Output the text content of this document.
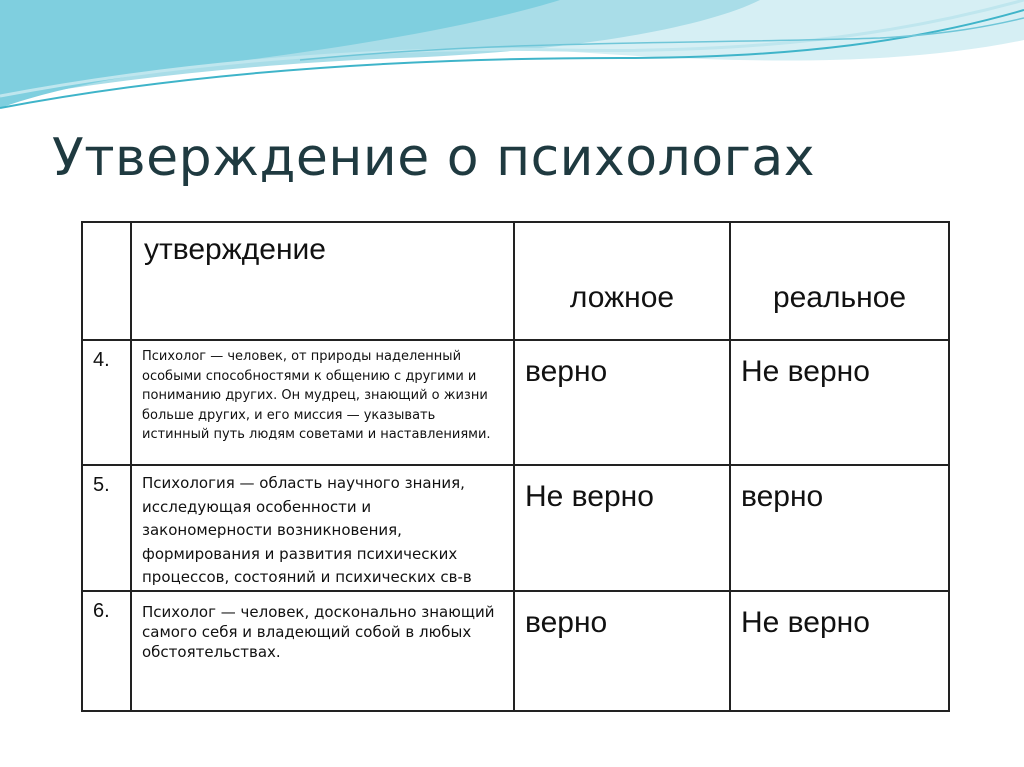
Утверждение о психологах
	утверждение	ложное	реальное
4.	Психолог — человек, от природы наделенный особыми способностями к общению с другими и пониманию других. Он мудрец, знающий о жизни больше других, и его миссия — указывать истинный путь людям советами и наставлениями.	верно	Не верно
5.	Психология — область научного знания, исследующая особенности и закономерности возникновения, формирования и развития психических процессов, состояний и психических св-в	Не верно	верно
6.	Психолог — человек, досконально знающий самого себя и владеющий собой в любых обстоятельствах.	верно	Не верно
